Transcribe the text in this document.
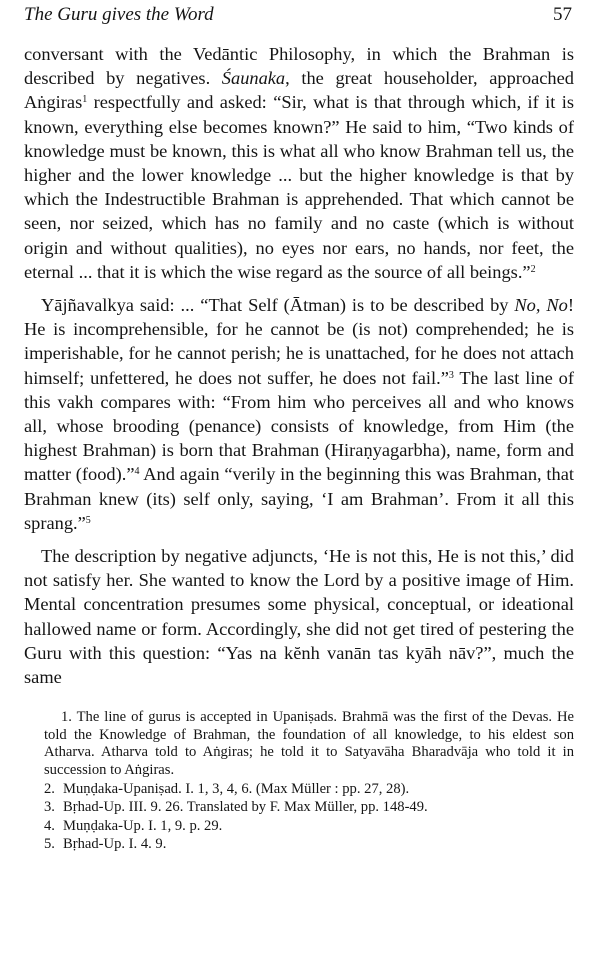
The Guru gives the Word	57

conversant with the Vedāntic Philosophy, in which the Brahman is described by negatives. Śaunaka, the great householder, approached Aṅgiras$^1$ respectfully and asked: “Sir, what is that through which, if it is known, everything else becomes known?” He said to him, “Two kinds of knowledge must be known, this is what all who know Brahman tell us, the higher and the lower knowledge ... but the higher knowledge is that by which the Indestructible Brahman is apprehended. That which cannot be seen, nor seized, which has no family and no caste (which is without origin and without qualities), no eyes nor ears, no hands, nor feet, the eternal ... that it is which the wise regard as the source of all beings.”$^2$

Yājñavalkya said: ... “That Self (Ātman) is to be described by No, No! He is incomprehensible, for he cannot be (is not) comprehended; he is imperishable, for he cannot perish; he is unattached, for he does not attach himself; unfettered, he does not suffer, he does not fail.”$^3$ The last line of this vakh compares with: “From him who perceives all and who knows all, whose brooding (penance) consists of knowledge, from Him (the highest Brahman) is born that Brahman (Hiraṇyagarbha), name, form and matter (food).”$^4$ And again “verily in the beginning this was Brahman, that Brahman knew (its) self only, saying, ‘I am Brahman’. From it all this sprang.”$^5$

The description by negative adjuncts, ‘He is not this, He is not this,’ did not satisfy her. She wanted to know the Lord by a positive image of Him. Mental concentration presumes some physical, conceptual, or ideational hallowed name or form. Accordingly, she did not get tired of pestering the Guru with this question: “Yas na kĕnh vanān tas kyāh nāv?”, much the same

1. The line of gurus is accepted in Upaniṣads. Brahmā was the first of the Devas. He told the Knowledge of Brahman, the foundation of all knowledge, to his eldest son Atharva. Atharva told to Aṅgiras; he told it to Satyavāha Bharadvāja who told it in succession to Aṅgiras.
2. Muṇḍaka-Upaniṣad. I. 1, 3, 4, 6. (Max Müller : pp. 27, 28).
3. Bṛhad-Up. III. 9. 26. Translated by F. Max Müller, pp. 148-49.
4. Muṇḍaka-Up. I. 1, 9. p. 29.
5. Bṛhad-Up. I. 4. 9.
